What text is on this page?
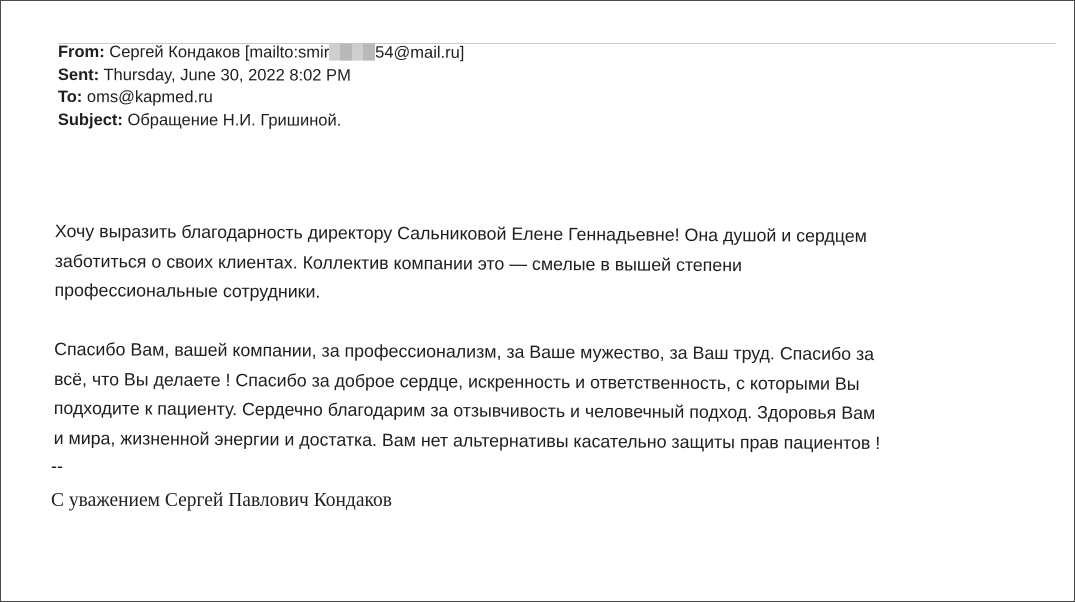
From: Сергей Кондаков [mailto:smir	54@mail.ru]
Sent: Thursday, June 30, 2022 8:02 PM
To: oms@kapmed.ru
Subject: Обращение Н.И. Гришиной.
Хочу выразить благодарность директору Сальниковой Елене Геннадьевне! Она душой и сердцем
заботиться о своих клиентах. Коллектив компании это — смелые в вышей степени
профессиональные сотрудники.
Спасибо Вам, вашей компании, за профессионализм, за Ваше мужество, за Ваш труд. Спасибо за
всё, что Вы делаете ! Спасибо за доброе сердце, искренность и ответственность, с которыми Вы
подходите к пациенту. Сердечно благодарим за отзывчивость и человечный подход. Здоровья Вам
и мира, жизненной энергии и достатка. Вам нет альтернативы касательно защиты прав пациентов !
--
С уважением Сергей Павлович Кондаков
